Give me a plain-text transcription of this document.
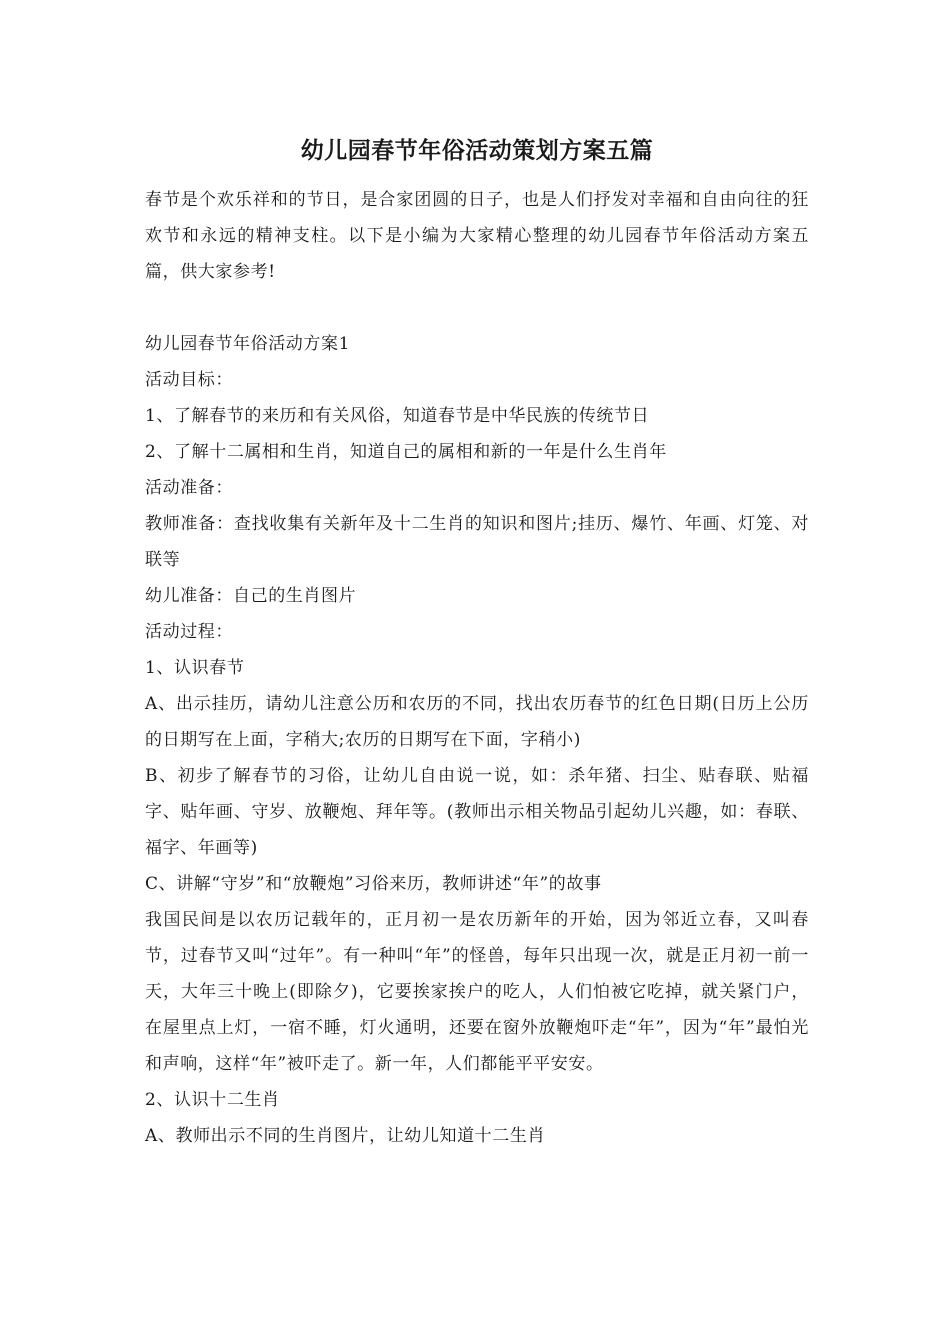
幼儿园春节年俗活动策划方案五篇

春节是个欢乐祥和的节日，是合家团圆的日子，也是人们抒发对幸福和自由向往的狂欢节和永远的精神支柱。以下是小编为大家精心整理的幼儿园春节年俗活动方案五篇，供大家参考!

幼儿园春节年俗活动方案1

活动目标：

1、了解春节的来历和有关风俗，知道春节是中华民族的传统节日

2、了解十二属相和生肖，知道自己的属相和新的一年是什么生肖年

活动准备：

教师准备：查找收集有关新年及十二生肖的知识和图片;挂历、爆竹、年画、灯笼、对联等

幼儿准备：自己的生肖图片

活动过程：

1、认识春节

A、出示挂历，请幼儿注意公历和农历的不同，找出农历春节的红色日期(日历上公历的日期写在上面，字稍大;农历的日期写在下面，字稍小)

B、初步了解春节的习俗，让幼儿自由说一说，如：杀年猪、扫尘、贴春联、贴福字、贴年画、守岁、放鞭炮、拜年等。(教师出示相关物品引起幼儿兴趣，如：春联、福字、年画等)

C、讲解“守岁”和“放鞭炮”习俗来历，教师讲述“年”的故事

我国民间是以农历记载年的，正月初一是农历新年的开始，因为邻近立春，又叫春节，过春节又叫“过年”。有一种叫“年”的怪兽，每年只出现一次，就是正月初一前一天，大年三十晚上(即除夕)，它要挨家挨户的吃人，人们怕被它吃掉，就关紧门户，在屋里点上灯，一宿不睡，灯火通明，还要在窗外放鞭炮吓走“年”，因为“年”最怕光和声响，这样“年”被吓走了。新一年，人们都能平平安安。

2、认识十二生肖

A、教师出示不同的生肖图片，让幼儿知道十二生肖
